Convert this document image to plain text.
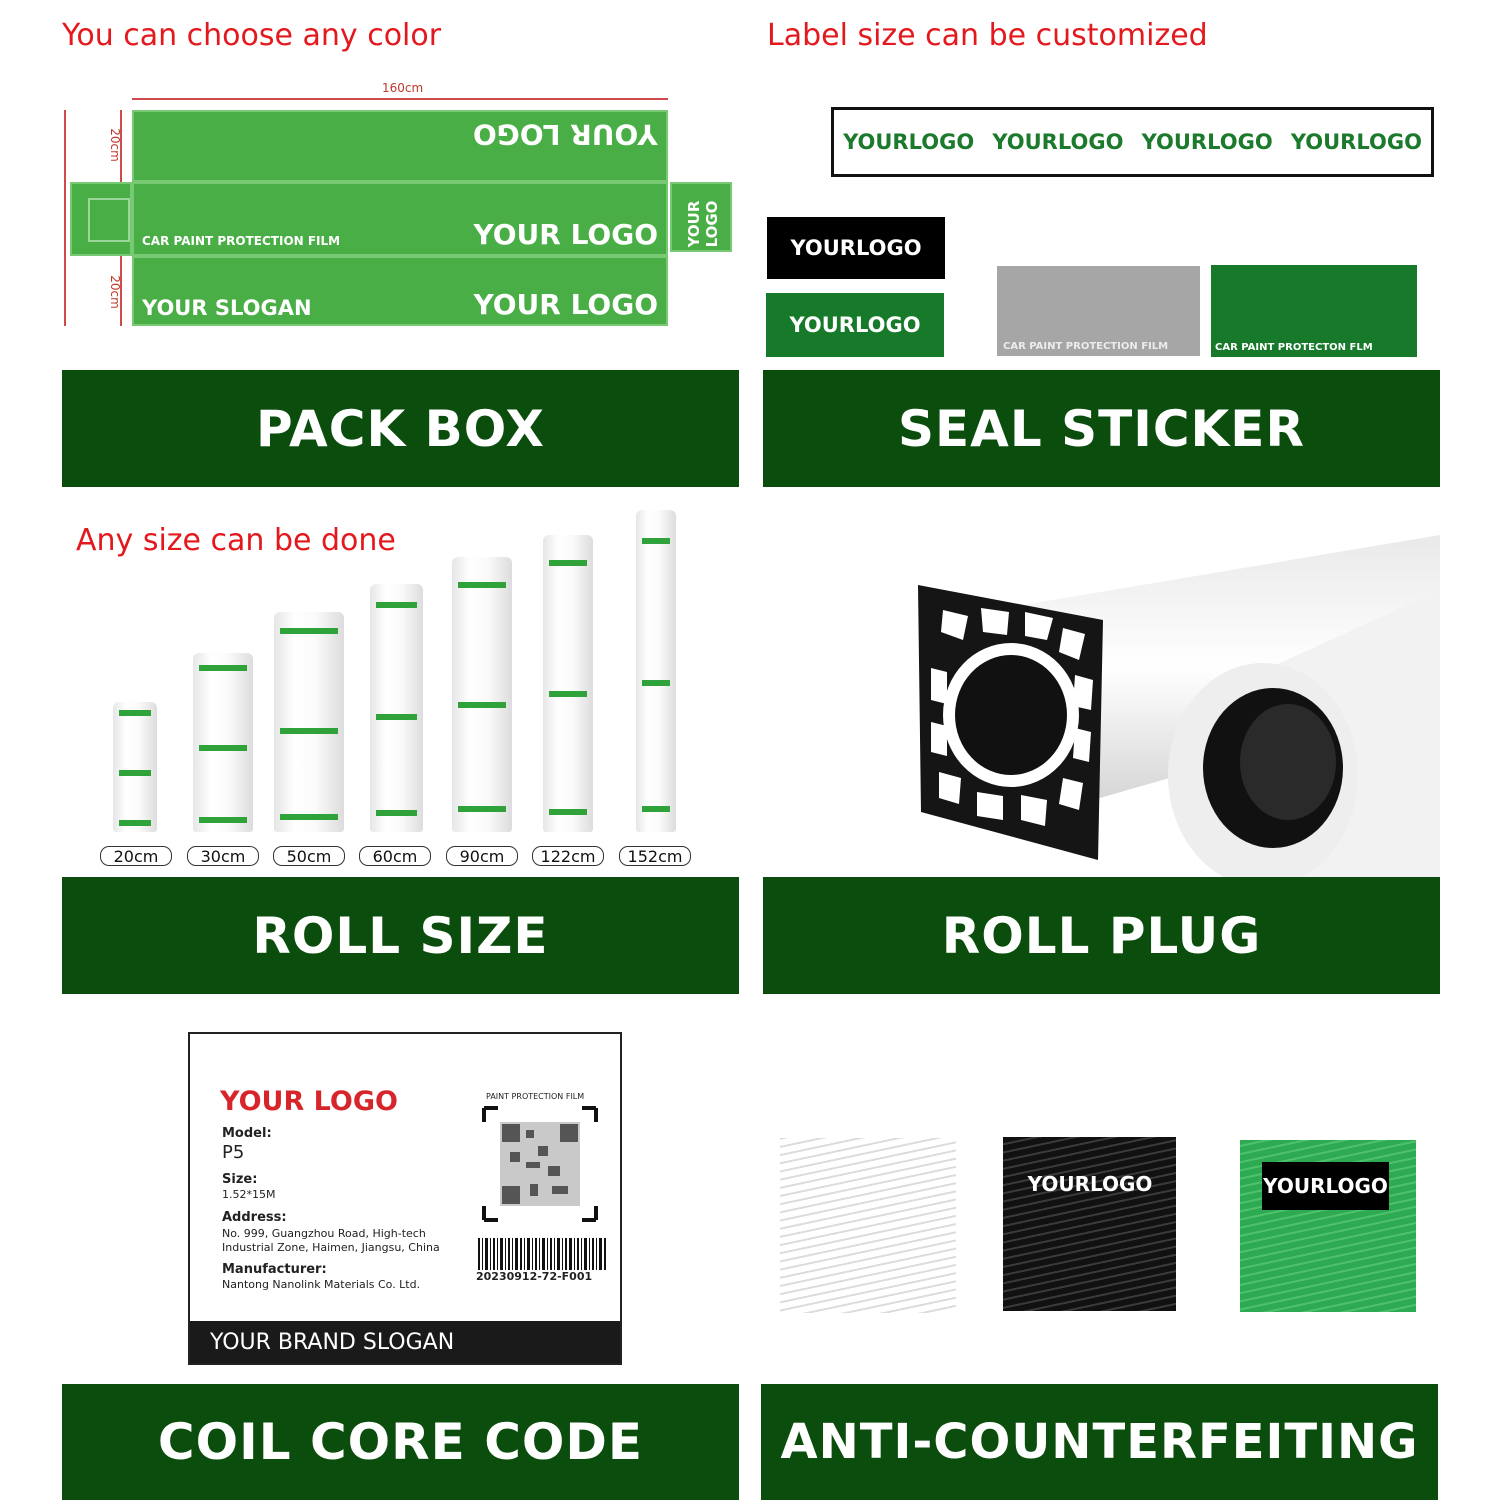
You can choose any color	Label size can be customized
Any size can be done
160cm
20cm
20cm
YOUR LOGO
CAR PAINT PROTECTION FILM	YOUR LOGO YOUR LOGO
YOUR SLOGAN	YOUR LOGO
YOURLOGO YOURLOGO YOURLOGO YOURLOGO
YOURLOGO
YOURLOGO
CAR PAINT PROTECTION FILM	CAR PAINT PROTECTON FLM
PACK BOX	SEAL STICKER
20cm	30cm	50cm	60cm	90cm	122cm	152cm
ROLL SIZE	ROLL PLUG
YOUR LOGO
Model:
P5
Size:
1.52*15M
Address:
No. 999, Guangzhou Road, High-tech
Industrial Zone, Haimen, Jiangsu, China
Manufacturer:
Nantong Nanolink Materials Co. Ltd.
PAINT PROTECTION FILM
20230912-72-F001
YOUR BRAND SLOGAN
YOURLOGO	YOURLOGO
COIL CORE CODE	ANTI-COUNTERFEITING
